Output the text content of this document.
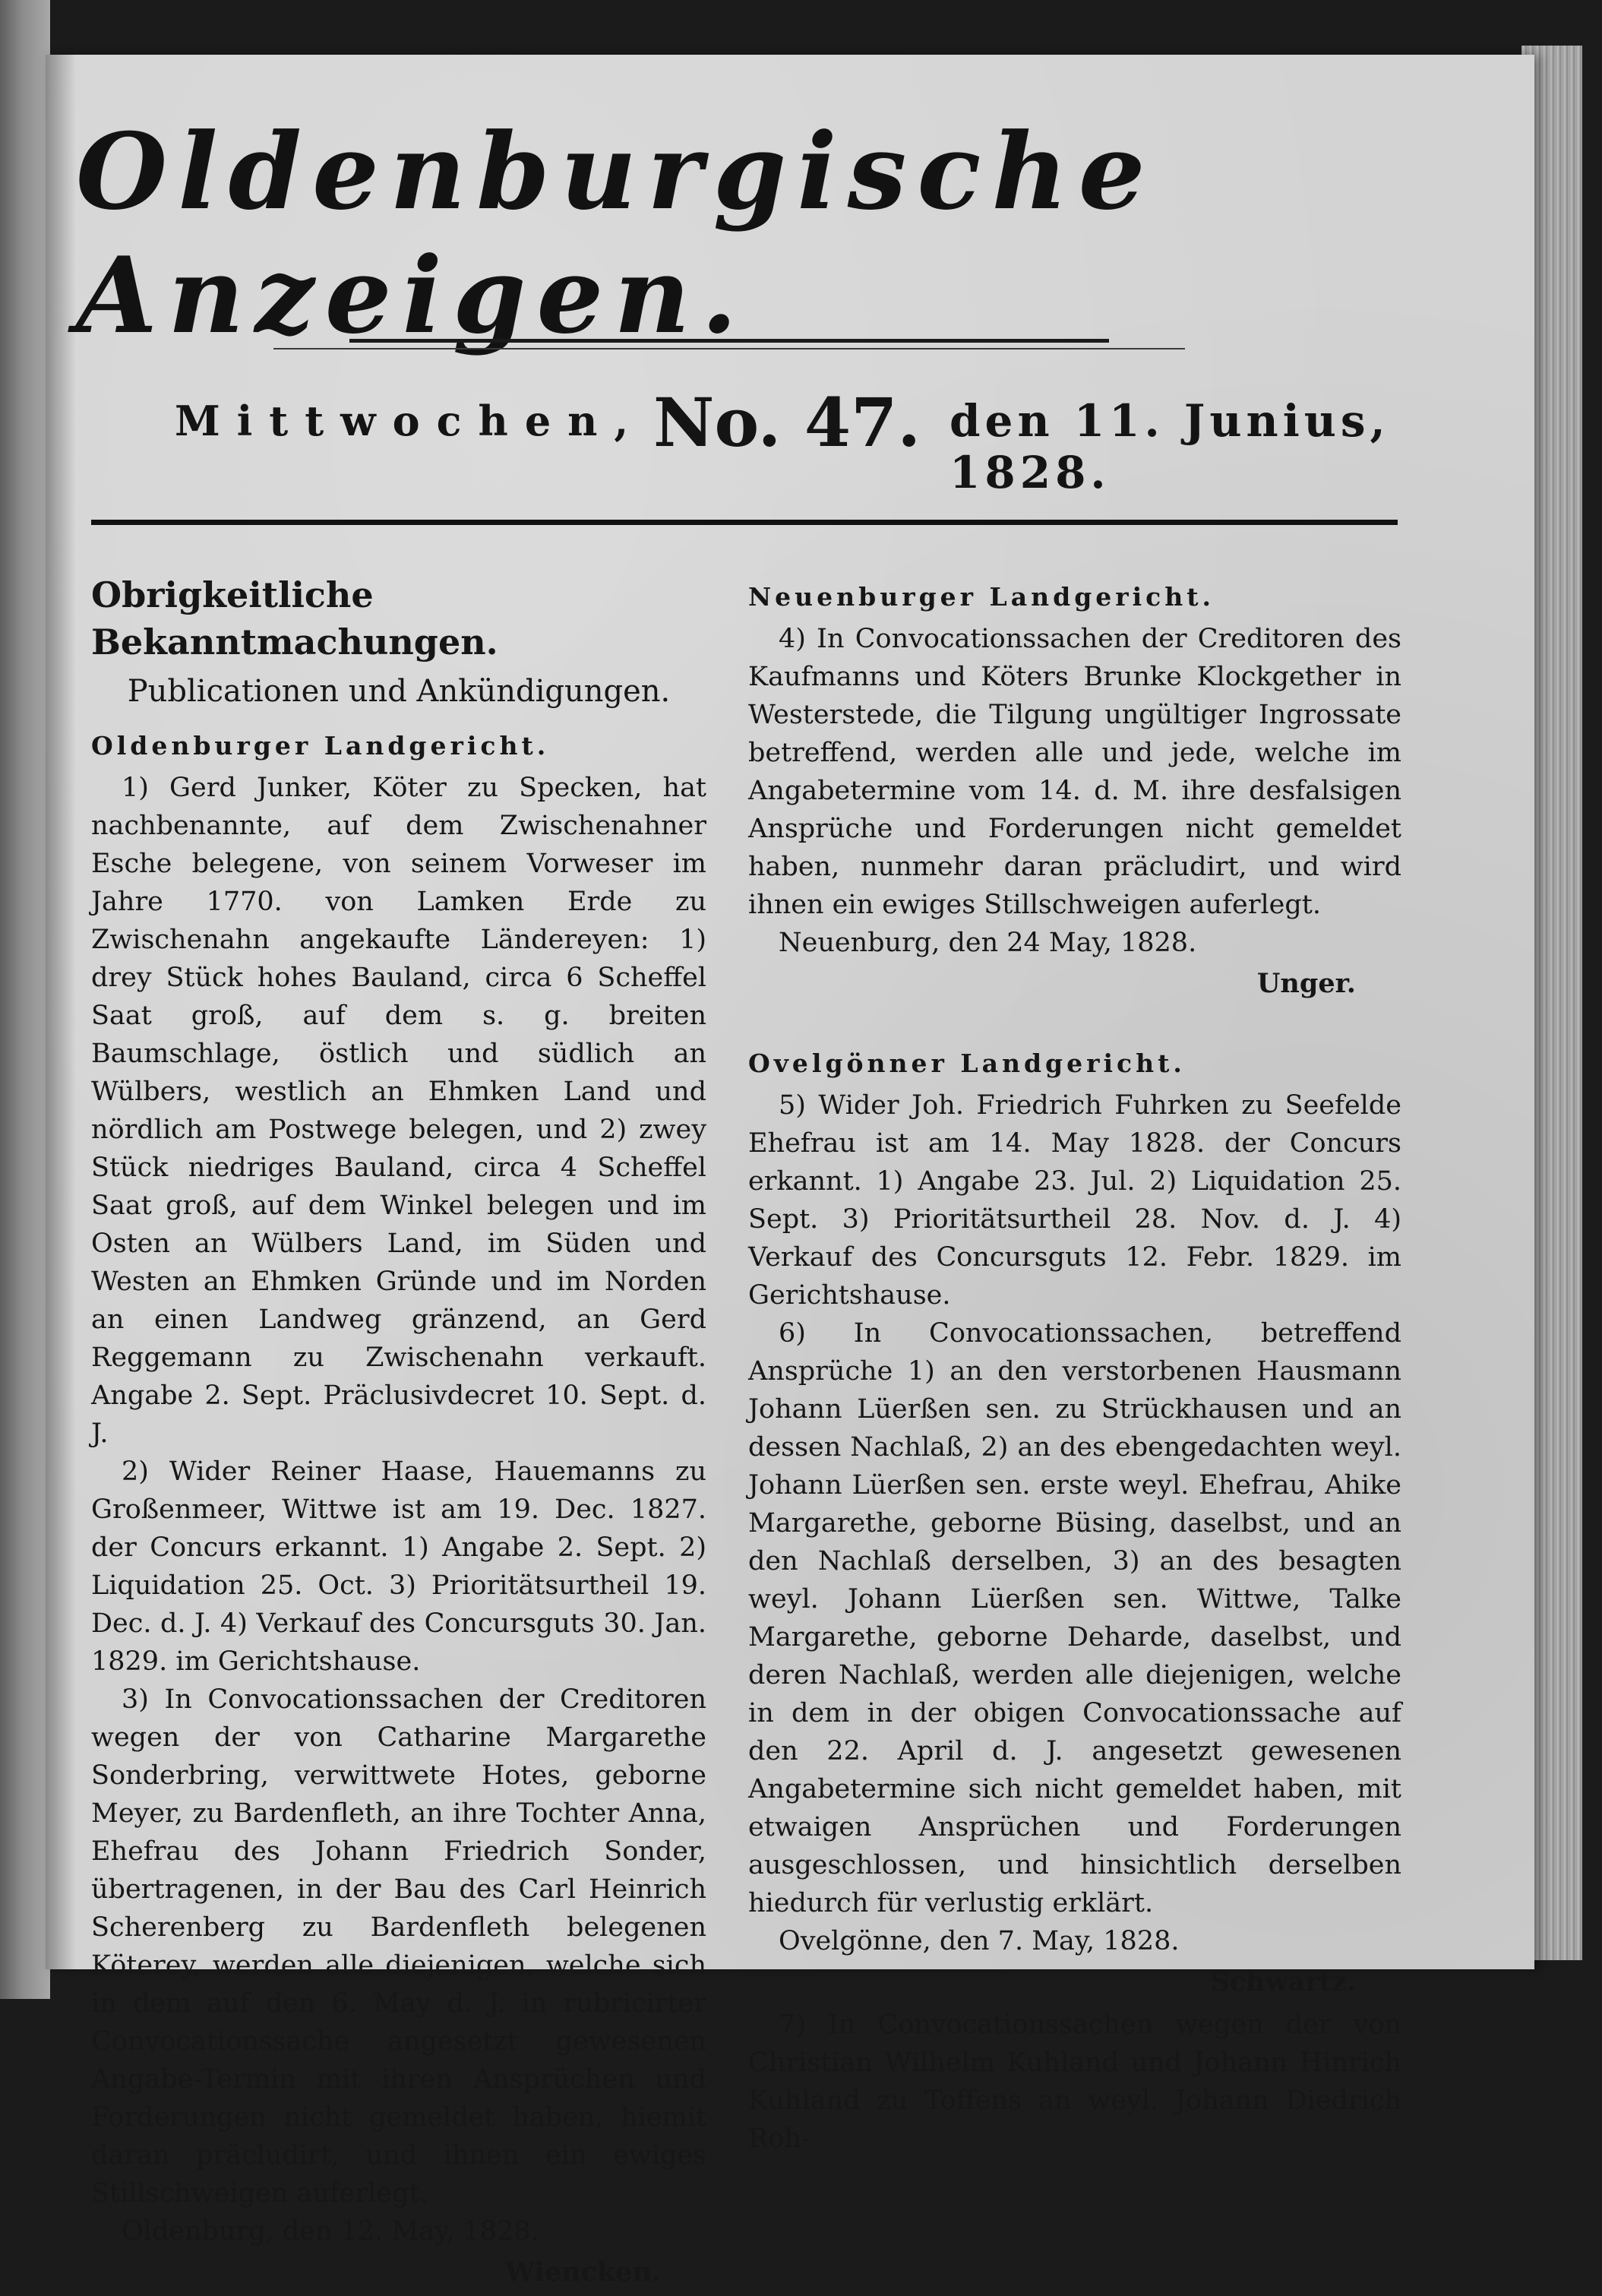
Oldenburgische Anzeigen.
Mittwochen, No. 47. den 11. Junius, 1828.
Obrigkeitliche Bekanntmachungen.
Publicationen und Ankündigungen.
Oldenburger Landgericht.

1) Gerd Junker, Köter zu Specken, hat nachbenannte, auf dem Zwischenahner Esche belegene, von seinem Vorweser im Jahre 1770. von Lamken Erde zu Zwischenahn angekaufte Ländereyen: 1) drey Stück hohes Bauland, circa 6 Scheffel Saat groß, auf dem s. g. breiten Baumschlage, östlich und südlich an Wülbers, westlich an Ehmken Land und nördlich am Postwege belegen, und 2) zwey Stück niedriges Bauland, circa 4 Scheffel Saat groß, auf dem Winkel belegen und im Osten an Wülbers Land, im Süden und Westen an Ehmken Gründe und im Norden an einen Landweg gränzend, an Gerd Reggemann zu Zwischenahn verkauft. Angabe 2. Sept. Präclusivdecret 10. Sept. d. J.

2) Wider Reiner Haase, Hauemanns zu Großenmeer, Wittwe ist am 19. Dec. 1827. der Concurs erkannt. 1) Angabe 2. Sept. 2) Liquidation 25. Oct. 3) Prioritätsurtheil 19. Dec. d. J. 4) Verkauf des Concursguts 30. Jan. 1829. im Gerichtshause.

3) In Convocationssachen der Creditoren wegen der von Catharine Margarethe Sonderbring, verwittwete Hotes, geborne Meyer, zu Bardenfleth, an ihre Tochter Anna, Ehefrau des Johann Friedrich Sonder, übertragenen, in der Bau des Carl Heinrich Scherenberg zu Bardenfleth belegenen Köterey, werden alle diejenigen, welche sich in dem auf den 6. May d. J. in rubricirter Convocationssache angesetzt gewesenen Angabe-Termin mit ihren Ansprüchen und Forderungen nicht gemeldet haben, hiemit daran präcludirt, und ihnen ein ewiges Stillschweigen auferlegt.

Oldenburg, den 12. May, 1828.

Wiencken.
Neuenburger Landgericht.

4) In Convocationssachen der Creditoren des Kaufmanns und Köters Brunke Klockgether in Westerstede, die Tilgung ungültiger Ingrossate betreffend, werden alle und jede, welche im Angabetermine vom 14. d. M. ihre desfalsigen Ansprüche und Forderungen nicht gemeldet haben, nunmehr daran präcludirt, und wird ihnen ein ewiges Stillschweigen auferlegt.

Neuenburg, den 24 May, 1828.

Unger.
Ovelgönner Landgericht.

5) Wider Joh. Friedrich Fuhrken zu Seefelde Ehefrau ist am 14. May 1828. der Concurs erkannt. 1) Angabe 23. Jul. 2) Liquidation 25. Sept. 3) Prioritätsurtheil 28. Nov. d. J. 4) Verkauf des Concursguts 12. Febr. 1829. im Gerichtshause.

6) In Convocationssachen, betreffend Ansprüche 1) an den verstorbenen Hausmann Johann Lüerßen sen. zu Strückhausen und an dessen Nachlaß, 2) an des ebengedachten weyl. Johann Lüerßen sen. erste weyl. Ehefrau, Ahike Margarethe, geborne Büsing, daselbst, und an den Nachlaß derselben, 3) an des besagten weyl. Johann Lüerßen sen. Wittwe, Talke Margarethe, geborne Deharde, daselbst, und deren Nachlaß, werden alle diejenigen, welche in dem in der obigen Convocationssache auf den 22. April d. J. angesetzt gewesenen Angabetermine sich nicht gemeldet haben, mit etwaigen Ansprüchen und Forderungen ausgeschlossen, und hinsichtlich derselben hiedurch für verlustig erklärt.

Ovelgönne, den 7. May, 1828.

Schwartz.

7) In Convocationssachen wegen der von Christian Wilhelm Kuhland und Johann Hinrich Kuhland zu Toffens an weyl. Johann Diedrich Roh-
